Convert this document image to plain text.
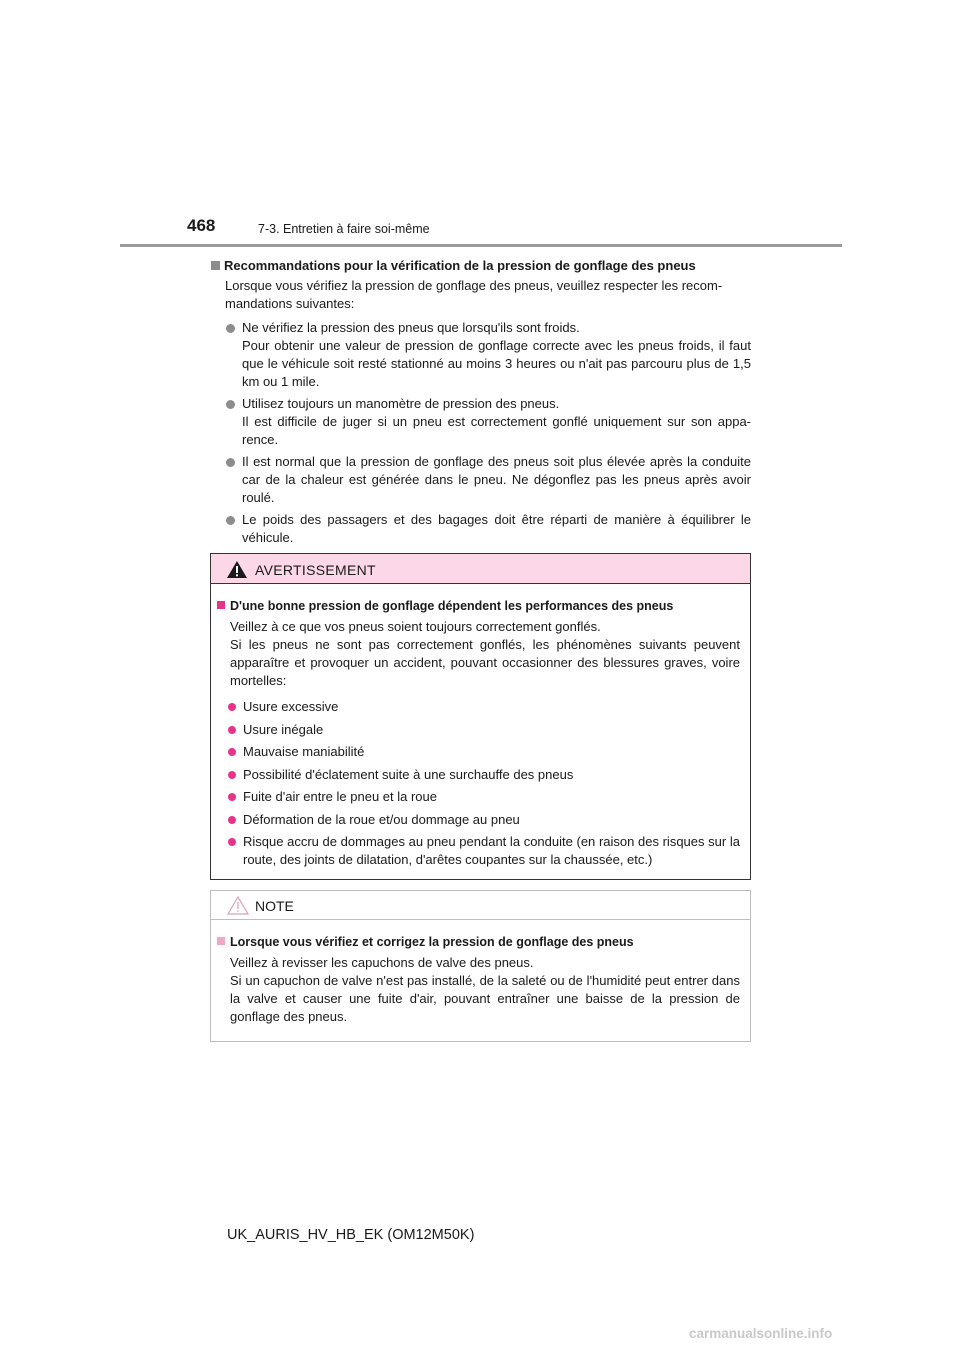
468	7-3. Entretien à faire soi-même
Recommandations pour la vérification de la pression de gonflage des pneus
Lorsque vous vérifiez la pression de gonflage des pneus, veuillez respecter les recom-mandations suivantes:
Ne vérifiez la pression des pneus que lorsqu'ils sont froids.
Pour obtenir une valeur de pression de gonflage correcte avec les pneus froids, il faut que le véhicule soit resté stationné au moins 3 heures ou n'ait pas parcouru plus de 1,5 km ou 1 mile.
Utilisez toujours un manomètre de pression des pneus.
Il est difficile de juger si un pneu est correctement gonflé uniquement sur son appa-rence.
Il est normal que la pression de gonflage des pneus soit plus élevée après la conduite car de la chaleur est générée dans le pneu. Ne dégonflez pas les pneus après avoir roulé.
Le poids des passagers et des bagages doit être réparti de manière à équilibrer le véhicule.
AVERTISSEMENT
D'une bonne pression de gonflage dépendent les performances des pneus
Veillez à ce que vos pneus soient toujours correctement gonflés.
Si les pneus ne sont pas correctement gonflés, les phénomènes suivants peuvent apparaître et provoquer un accident, pouvant occasionner des blessures graves, voire mortelles:
Usure excessive
Usure inégale
Mauvaise maniabilité
Possibilité d'éclatement suite à une surchauffe des pneus
Fuite d'air entre le pneu et la roue
Déformation de la roue et/ou dommage au pneu
Risque accru de dommages au pneu pendant la conduite (en raison des risques sur la route, des joints de dilatation, d'arêtes coupantes sur la chaussée, etc.)
NOTE
Lorsque vous vérifiez et corrigez la pression de gonflage des pneus
Veillez à revisser les capuchons de valve des pneus.
Si un capuchon de valve n'est pas installé, de la saleté ou de l'humidité peut entrer dans la valve et causer une fuite d'air, pouvant entraîner une baisse de la pression de gonflage des pneus.
UK_AURIS_HV_HB_EK (OM12M50K)
carmanualsonline.info
